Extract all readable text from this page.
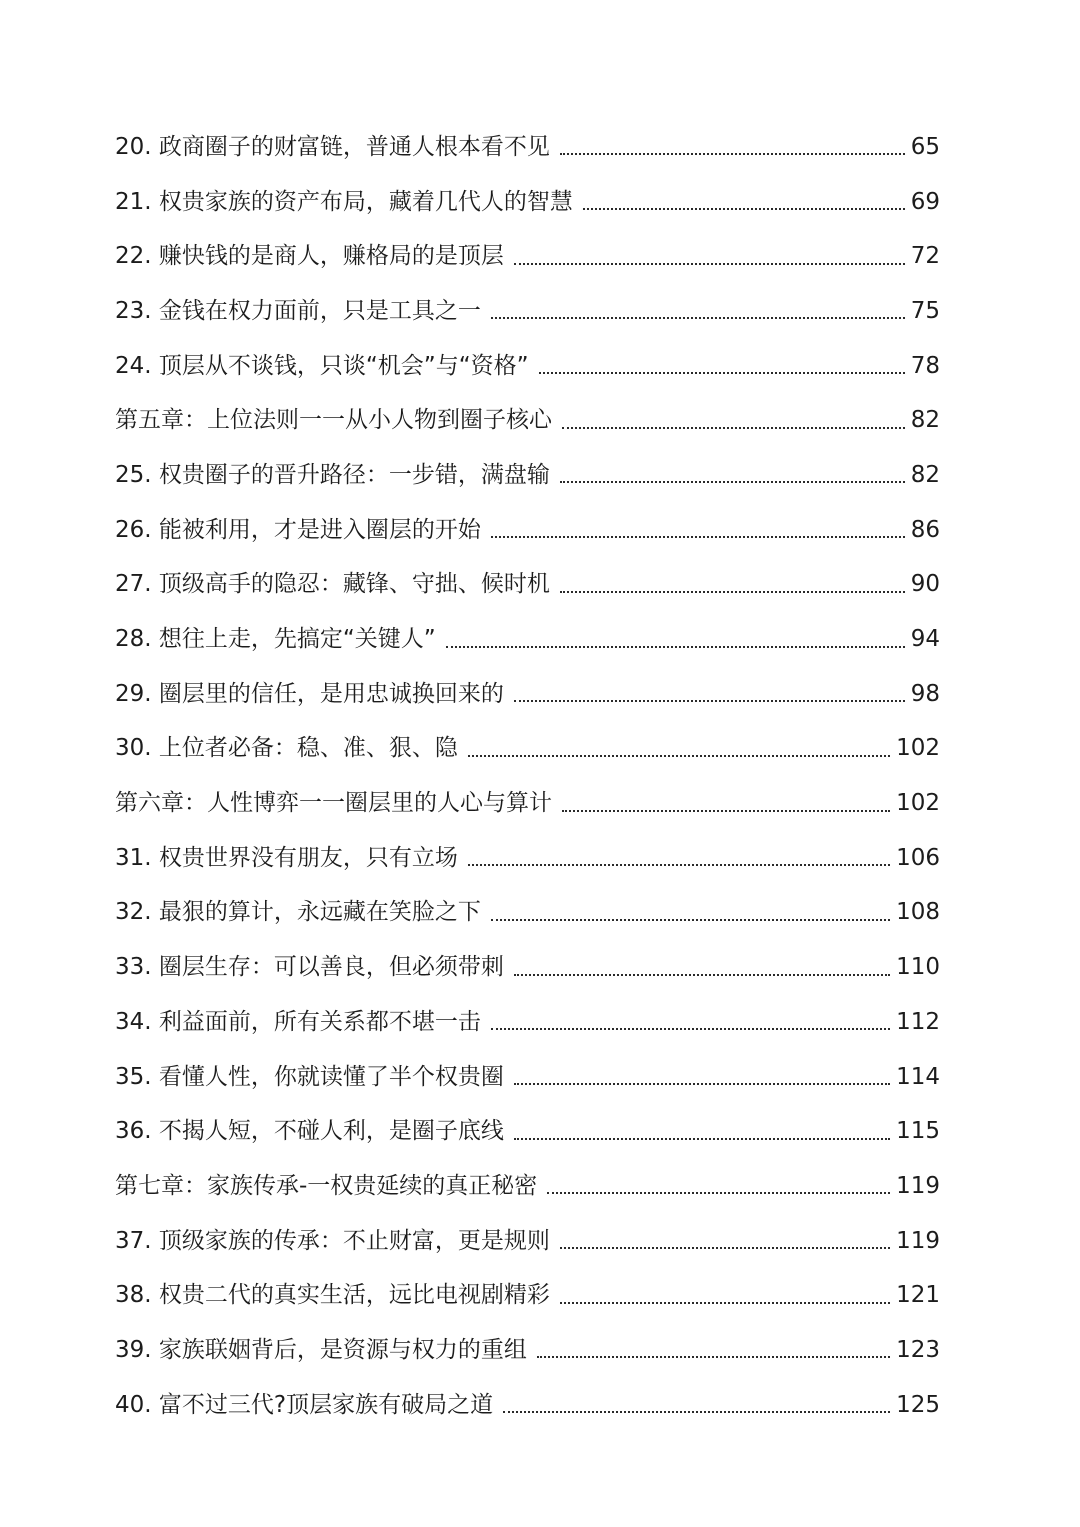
20. 政商圈子的财富链，普通人根本看不见	65
21. 权贵家族的资产布局，藏着几代人的智慧	69
22. 赚快钱的是商人，赚格局的是顶层	72
23. 金钱在权力面前，只是工具之一	75
24. 顶层从不谈钱，只谈“机会”与“资格”	78
第五章：上位法则一一从小人物到圈子核心	82
25. 权贵圈子的晋升路径：一步错，满盘输	82
26. 能被利用，才是进入圈层的开始	86
27. 顶级高手的隐忍：藏锋、守拙、候时机	90
28. 想往上走，先搞定“关键人”	94
29. 圈层里的信任，是用忠诚换回来的	98
30. 上位者必备：稳、准、狠、隐	102
第六章：人性博弈一一圈层里的人心与算计	102
31. 权贵世界没有朋友，只有立场	106
32. 最狠的算计，永远藏在笑脸之下	108
33. 圈层生存：可以善良，但必须带刺	110
34. 利益面前，所有关系都不堪一击	112
35. 看懂人性，你就读懂了半个权贵圈	114
36. 不揭人短，不碰人利，是圈子底线	115
第七章：家族传承-一权贵延续的真正秘密	119
37. 顶级家族的传承：不止财富，更是规则	119
38. 权贵二代的真实生活，远比电视剧精彩	121
39. 家族联姻背后，是资源与权力的重组	123
40. 富不过三代?顶层家族有破局之道	125
